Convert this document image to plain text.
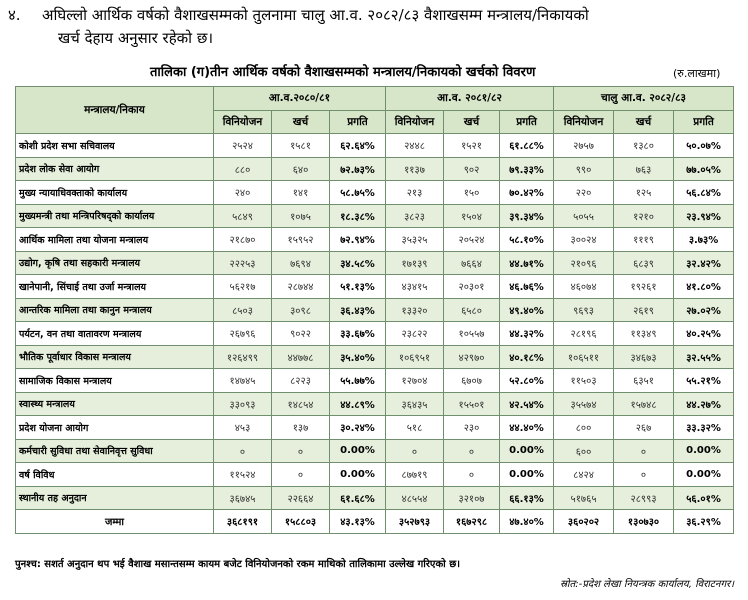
४. अघिल्लो आर्थिक वर्षको वैशाखसम्मको तुलनामा चालु आ.व. २०८२/८३ वैशाखसम्म मन्त्रालय/निकायको
खर्च देहाय अनुसार रहेको छ।
तालिका (ग)तीन आर्थिक वर्षको वैशाखसम्मको मन्त्रालय/निकायको खर्चको विवरण	(रु.लाखमा)
मन्त्रालय/निकाय	आ.व.२०८०/८१			आ.व. २०८१/८२			चालु आ.व. २०८२/८३		
	विनियोजन	खर्च	प्रगति	विनियोजन	खर्च	प्रगति	विनियोजन	खर्च	प्रगति
कोशी प्रदेश सभा सचिवालय	२५२४	१५८१	६२.६४%	२४४८	१५२१	६१.८८%	२७५७	१३८०	५०.०७%
प्रदेश लोक सेवा आयोग	८८०	६४०	७२.७३%	११३७	९०२	७९.३३%	९९०	७६३	७७.०५%
मुख्य न्यायाधिवक्ताको कार्यालय	२४०	१४१	५८.७५%	२१३	१५०	७०.४२%	२२०	१२५	५६.८४%
मुख्यमन्त्री तथा मन्त्रिपरिषद्को कार्यालय	५८४९	१०७५	१८.३८%	३८२३	१५०४	३९.३४%	५०५५	१२१०	२३.९४%
आर्थिक मामिला तथा योजना मन्त्रालय	२१८७०	१५९५२	७२.९४%	३५३२५	२०५२४	५८.१०%	३००२४	१११९	३.७३%
उद्योग, कृषि तथा सहकारी मन्त्रालय	२२२५३	७६९४	३४.५८%	१७१३९	७६६४	४४.७१%	२१०९६	६८३९	३२.४२%
खानेपानी, सिंचाई तथा उर्जा मन्त्रालय	५६२१७	२८७४४	५१.१३%	४३४१५	२०३०१	४६.७६%	४६०७४	१९२६१	४१.८०%
आन्तरिक मामिला तथा कानुन मन्त्रालय	८५०३	३०९८	३६.४३%	१३३२०	६५८०	४९.४०%	९६९३	२६१९	२७.०२%
पर्यटन, वन तथा वातावरण मन्त्रालय	२६७९६	९०२२	३३.६७%	२३८२२	१०५५७	४४.३२%	२८१९६	११३४९	४०.२५%
भौतिक पूर्वाधार विकास मन्त्रालय	१२६४९९	४४७७८	३५.४०%	१०६९५१	४२९७०	४०.१८%	१०६५११	३४६७३	३२.५५%
सामाजिक विकास मन्त्रालय	१४७४५	८२२३	५५.७७%	१२७०४	६७०७	५२.८०%	११५०३	६३५१	५५.२१%
स्वास्थ्य मन्त्रालय	३३०९३	१४८५४	४४.८९%	३६४३५	१५५०१	४२.५४%	३५५७४	१५७४८	४४.२७%
प्रदेश योजना आयोग	४५३	१३७	३०.२४%	५१८	२३०	४४.४०%	८००	२६७	३३.३२%
कर्मचारी सुविधा तथा सेवानिवृत्त सुविधा	०	०	0.00%	०	०	0.00%	६००	०	0.00%
वर्ष विविध	११५२४	०	0.00%	८७७१९	०	0.00%	८४२४	०	0.00%
स्थानीय तह अनुदान	३६७४५	२२६६४	६१.६८%	४८५५४	३२१०७	६६.१३%	५१७६५	२८९९३	५६.०१%
जम्मा	३६८१९१	१५८८०३	४३.१३%	३५२७९३	१६७२९८	४७.४०%	३६०२०२	१३०७३०	३६.२९%
पुनश्च: सशर्त अनुदान थप भई वैशाख मसान्तसम्म कायम बजेट विनियोजनको रकम माथिको तालिकामा उल्लेख गरिएको छ।
स्रोत:-प्रदेश लेखा नियन्त्रक कार्यालय, विराटनगर।
